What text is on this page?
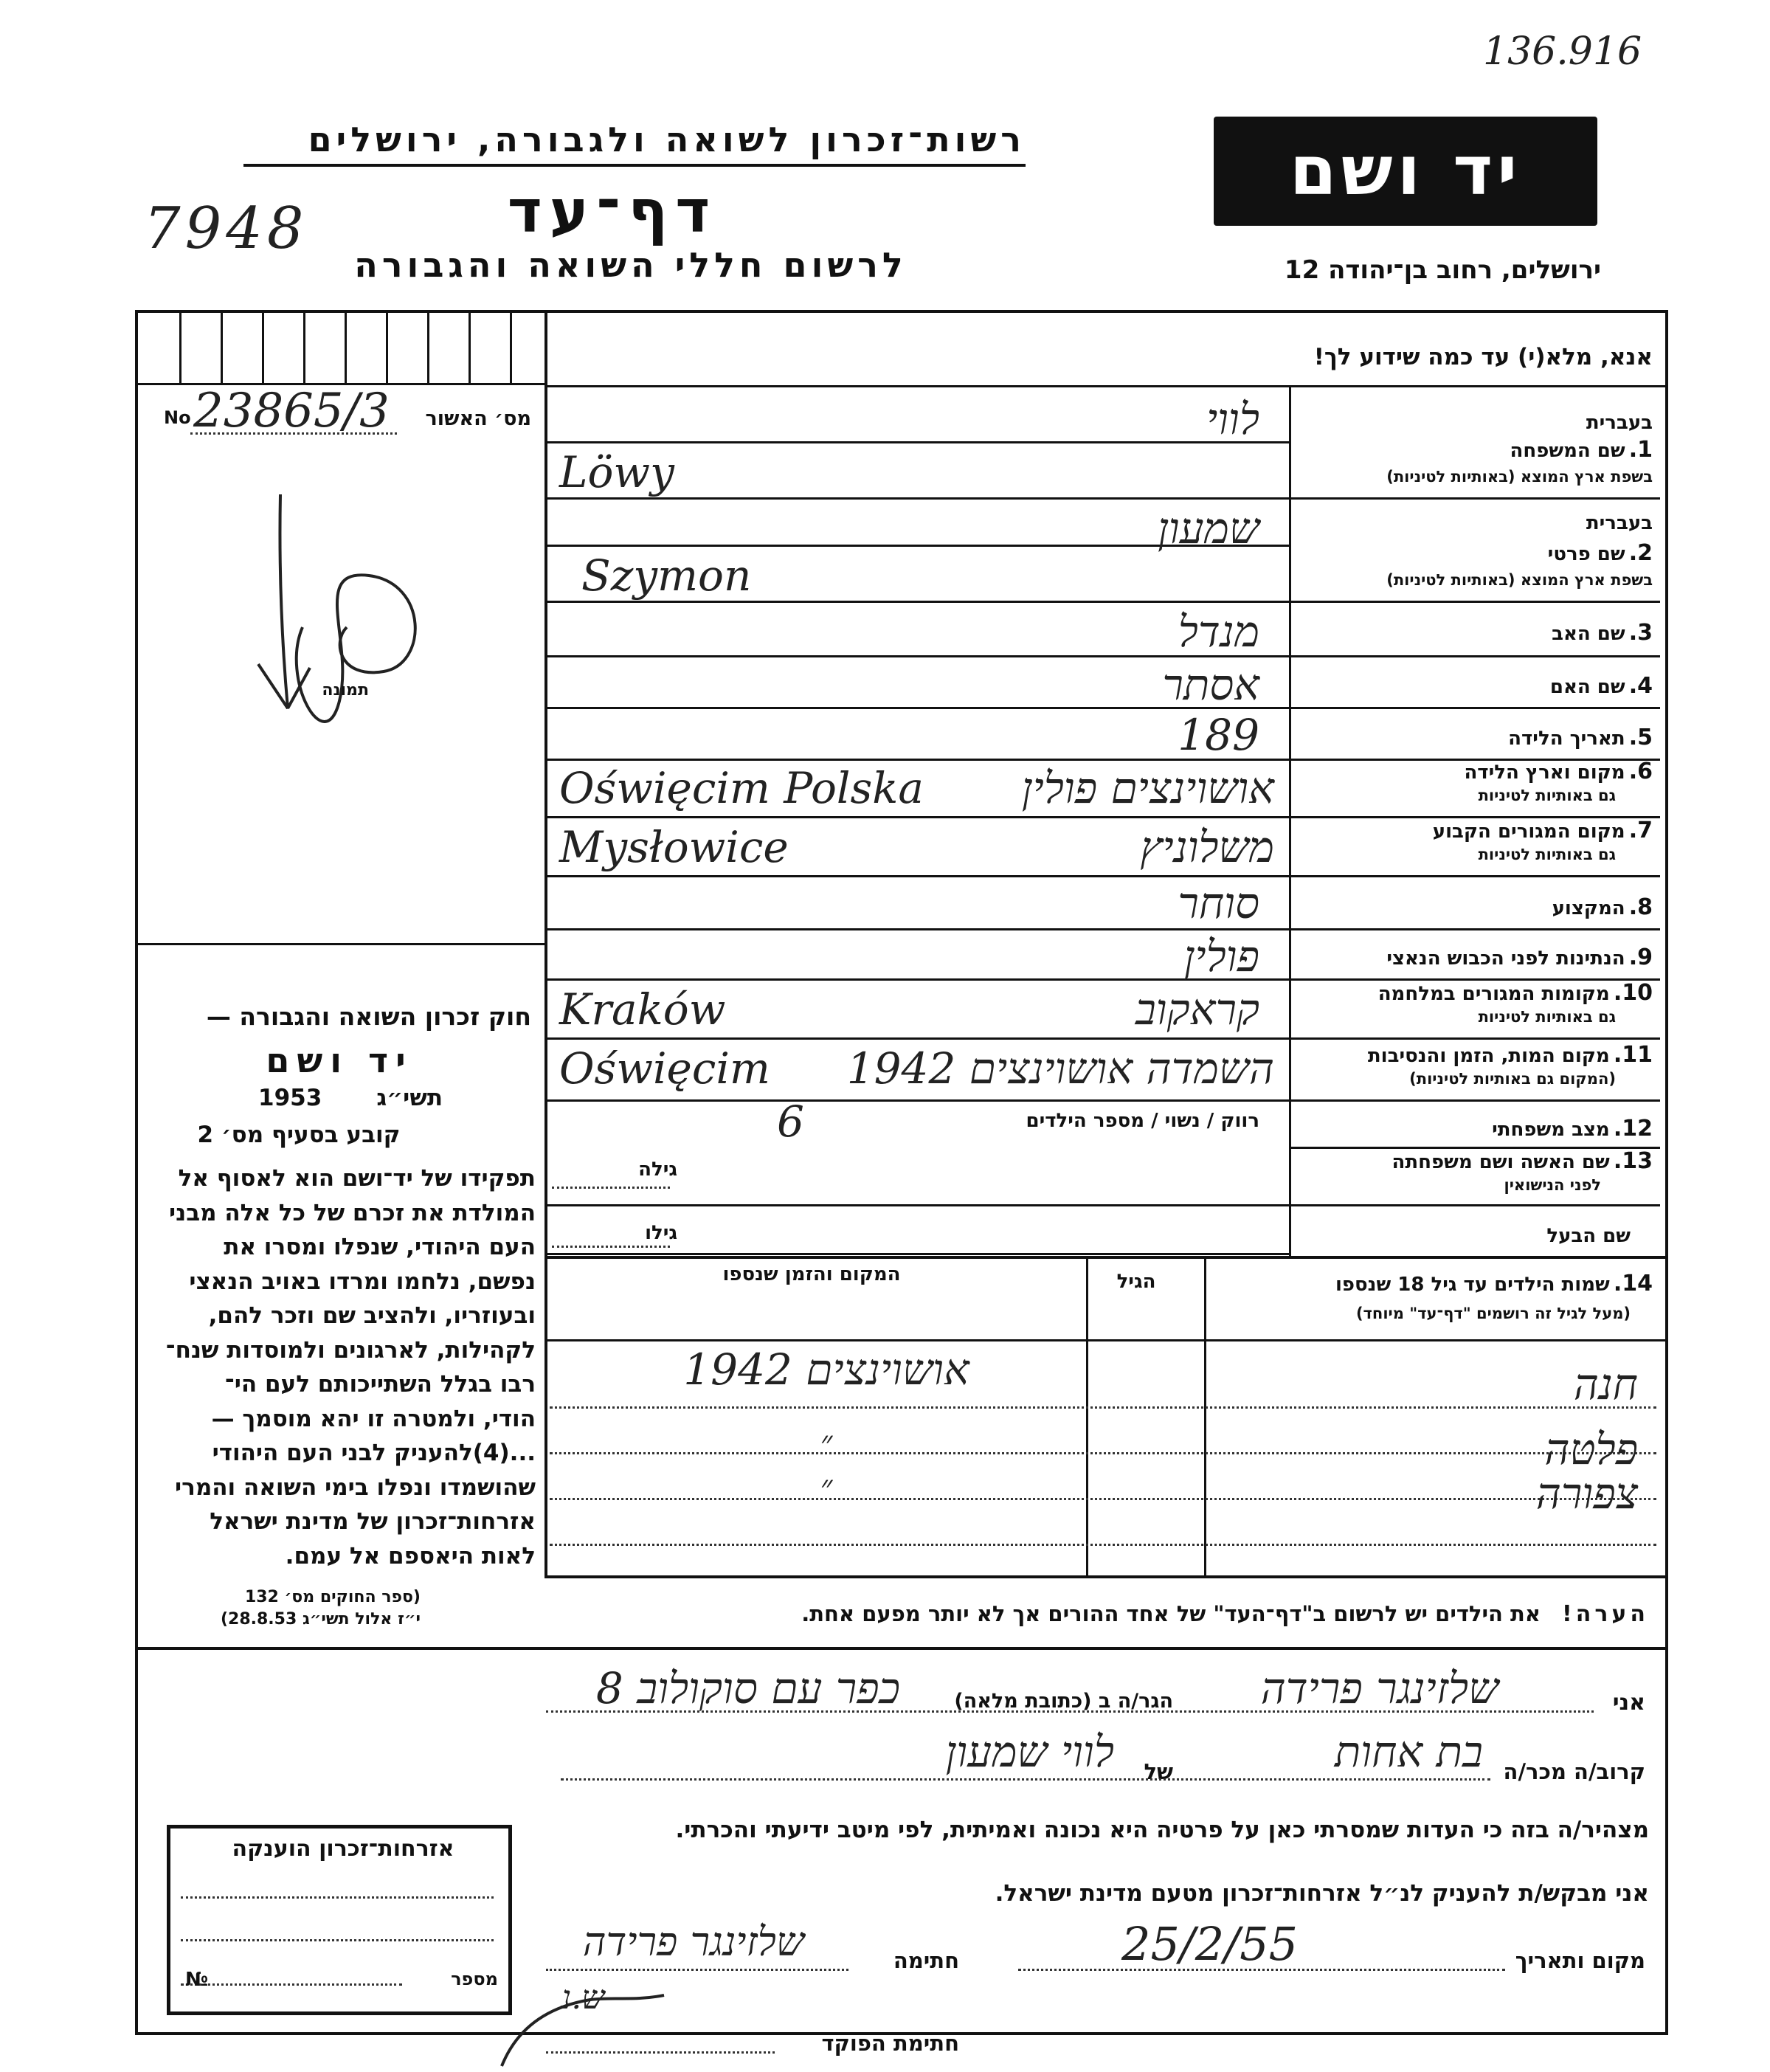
136.916
7948
רשות־זכרון לשואה ולגבורה, ירושלים
דף־עד
לרשום חללי השואה והגבורה
יד ושם
ירושלים, רחוב בן־יהודה 12
מס׳ האשור
No 23865/3
תמונה
חוק זכרון השואה והגבורה —
יד ושם
תשי״ג
1953
קובע בסעיף מס׳ 2
תפקידו של יד־ושם הוא לאסוף אל
המולדת את זכרם של כל אלה מבני
העם היהודי, שנפלו ומסרו את
נפשם, נלחמו ומרדו באויב הנאצי
ובעוזריו, ולהציב שם וזכר להם,
לקהילות, לארגונים ולמוסדות שנח־
רבו בגלל השתייכותם לעם הי־
הודי, ולמטרה זו יהא מוסמך —
...(4)להעניק לבני העם היהודי
שהושמדו ונפלו בימי השואה והמרי
אזרחות־זכרון של מדינת ישראל
לאות היאספם אל עמם.
(ספר החוקים מס׳ 132
י״ז אלול תשי״ג 28.8.53)
אנא, מלא(י) עד כמה שידוע לך!
בעברית
1. שם המשפחה
בשפת ארץ המוצא (באותיות לטיניות)
בעברית
2. שם פרטי
בשפת ארץ המוצא (באותיות לטיניות)
3. שם האב
4. שם האם
5. תאריך הלידה
6. מקום וארץ הלידה
גם באותיות לטיניות
7. מקום המגורים הקבוע
גם באותיות לטיניות
8. המקצוע
9. הנתינות לפני הכבוש הנאצי
10. מקומות המגורים במלחמה
גם באותיות לטיניות
11. מקום המות, הזמן והנסיבות
(המקום גם באותיות לטיניות)
12. מצב משפחתי
13. שם האשה ושם משפחתה
לפני הנישואין
שם הבעל
לווי
Löwy
שמעון
Szymon
מנדל
אסתר
189
אושוינצים פולין
Oświęcim Polska
משלוניץ
Mysłowice
סוחר
פולין
קראקוב
Kraków
השמדה אושוינצים 1942
Oświęcim
רווק / נשוי / מספר הילדים
6
גילה
גילו
14. שמות הילדים עד גיל 18 שנספו
(מעל לגיל זה רושמים "דף־עד" מיוחד)
הגיל
המקום והזמן שנספו
חנה
אושוינצים 1942
פלטה
״
צפורה
״
הערה! את הילדים יש לרשום ב"דף־העד" של אחד ההורים אך לא יותר מפעם אחת.
אני
שלזינגר פרידה
הגר/ה ב (כתובת מלאה)
כפר עם סוקולוב 8
קרוב/ה מכר/ה
בת אחות
של
לווי שמעון
מצהיר/ה בזה כי העדות שמסרתי כאן על פרטיה היא נכונה ואמיתית, לפי מיטב ידיעתי והכרתי.
אני מבקש/ת להעניק לנ״ל אזרחות־זכרון מטעם מדינת ישראל.
מקום ותאריך
25/2/55
חתימה
שלזינגר פרידה
חתימת הפוקד
ש.נ
אזרחות־זכרון הוענקה
מספר
№
